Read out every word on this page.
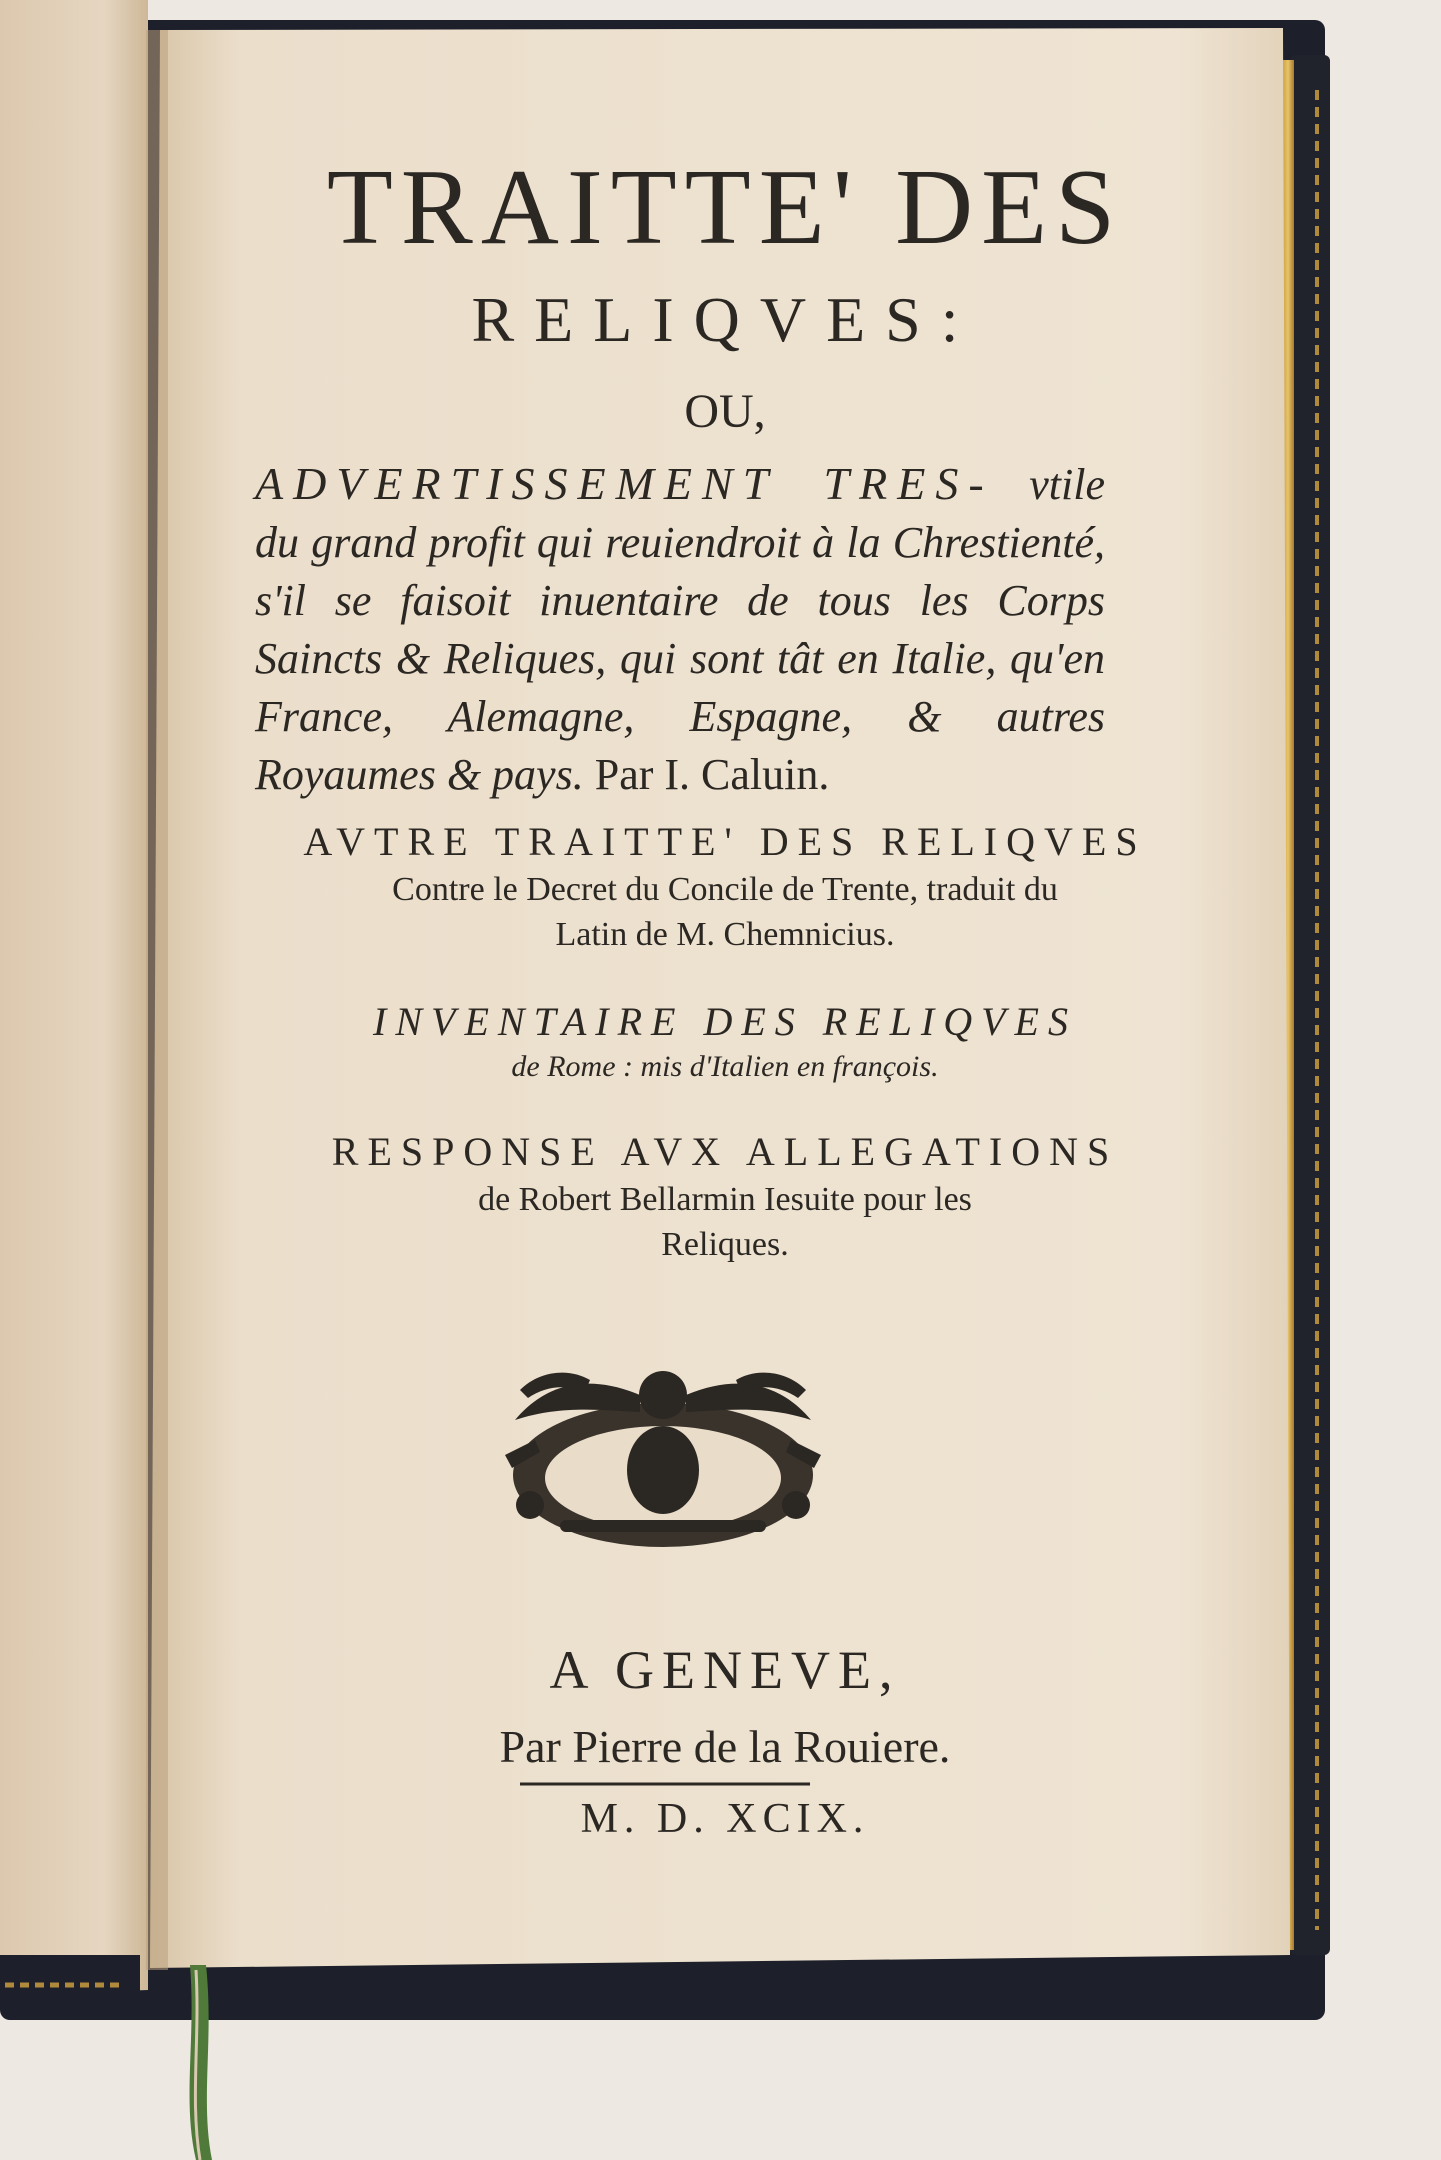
TRAITTE' DES

RELIQVES:

OU,

ADVERTISSEMENT TRES- vtile du grand profit qui reuiendroit à la Chrestienté, s'il se faisoit inuentaire de tous les Corps Saincts & Reliques, qui sont tât en Italie, qu'en France, Alemagne, Espagne, & autres Royaumes & pays. Par I. Caluin.

AVTRE TRAITTE' DES RELIQVES

Contre le Decret du Concile de Trente, traduit du

Latin de M. Chemnicius.

INVENTAIRE DES RELIQVES

de Rome : mis d'Italien en françois.

RESPONSE AVX ALLEGATIONS

de Robert Bellarmin Iesuite pour les

Reliques.

A GENEVE,

Par Pierre de la Rouiere.

M. D. XCIX.
